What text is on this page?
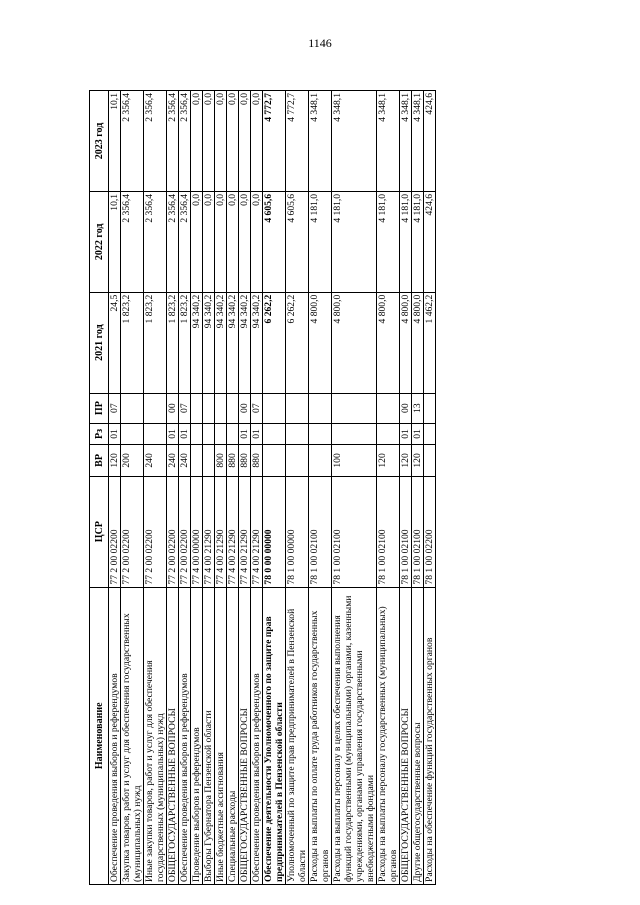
1146
Наименование	ЦСР	ВР	Рз	ПР	2021 год	2022 год	2023 год
Обеспечение проведения выборов и референдумов	77 2 00 02200	120	01	07	24,5	10,1	10,1
Закупка товаров, работ и услуг для обеспечения государственных (муниципальных) нужд	77 2 00 02200	200			1 823,2	2 356,4	2 356,4
Иные закупки товаров, работ и услуг для обеспечения государственных (муниципальных) нужд	77 2 00 02200	240			1 823,2	2 356,4	2 356,4
ОБЩЕГОСУДАРСТВЕННЫЕ ВОПРОСЫ	77 2 00 02200	240	01	00	1 823,2	2 356,4	2 356,4
Обеспечение проведения выборов и референдумов	77 2 00 02200	240	01	07	1 823,2	2 356,4	2 356,4
Проведение выборов и референдумов	77 4 00 00000				94 340,2	0,0	0,0
Выборы Губернатора Пензенской области	77 4 00 21290				94 340,2	0,0	0,0
Иные бюджетные ассигнования	77 4 00 21290	800			94 340,2	0,0	0,0
Специальные расходы	77 4 00 21290	880			94 340,2	0,0	0,0
ОБЩЕГОСУДАРСТВЕННЫЕ ВОПРОСЫ	77 4 00 21290	880	01	00	94 340,2	0,0	0,0
Обеспечение проведения выборов и референдумов	77 4 00 21290	880	01	07	94 340,2	0,0	0,0
Обеспечение деятельности Уполномоченного по защите прав предпринимателей в Пензенской области	78 0 00 00000				6 262,2	4 605,6	4 772,7
Уполномоченный по защите прав предпринимателей в Пензенской области	78 1 00 00000				6 262,2	4 605,6	4 772,7
Расходы на выплаты по оплате труда работников государственных органов	78 1 00 02100				4 800,0	4 181,0	4 348,1
Расходы на выплаты персоналу в целях обеспечения выполнения функций государственными (муниципальными) органами, казенными учреждениями, органами управления государственными внебюджетными фондами	78 1 00 02100	100			4 800,0	4 181,0	4 348,1
Расходы на выплаты персоналу государственных (муниципальных) органов	78 1 00 02100	120			4 800,0	4 181,0	4 348,1
ОБЩЕГОСУДАРСТВЕННЫЕ ВОПРОСЫ	78 1 00 02100	120	01	00	4 800,0	4 181,0	4 348,1
Другие общегосударственные вопросы	78 1 00 02100	120	01	13	4 800,0	4 181,0	4 348,1
Расходы на обеспечение функций государственных органов	78 1 00 02200				1 462,2	424,6	424,6
